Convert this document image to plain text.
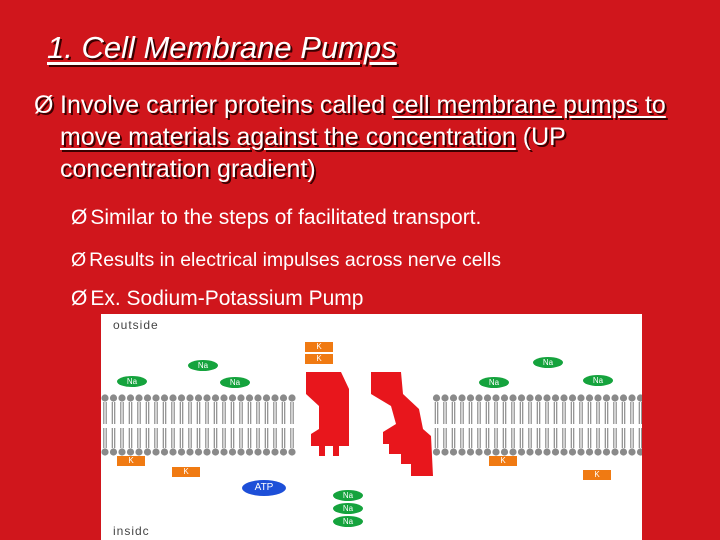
1. Cell Membrane Pumps
Ø Involve carrier proteins called cell membrane pumps to move materials against the concentration (UP concentration gradient)
Ø Similar to the steps of facilitated transport.
Ø Results in electrical impulses across nerve cells
Ø Ex. Sodium-Potassium Pump
outside
insidc
K
K
Na
Na	Na
Na
Na	Na
K
K
K
K
ATP
Na
Na
Na
